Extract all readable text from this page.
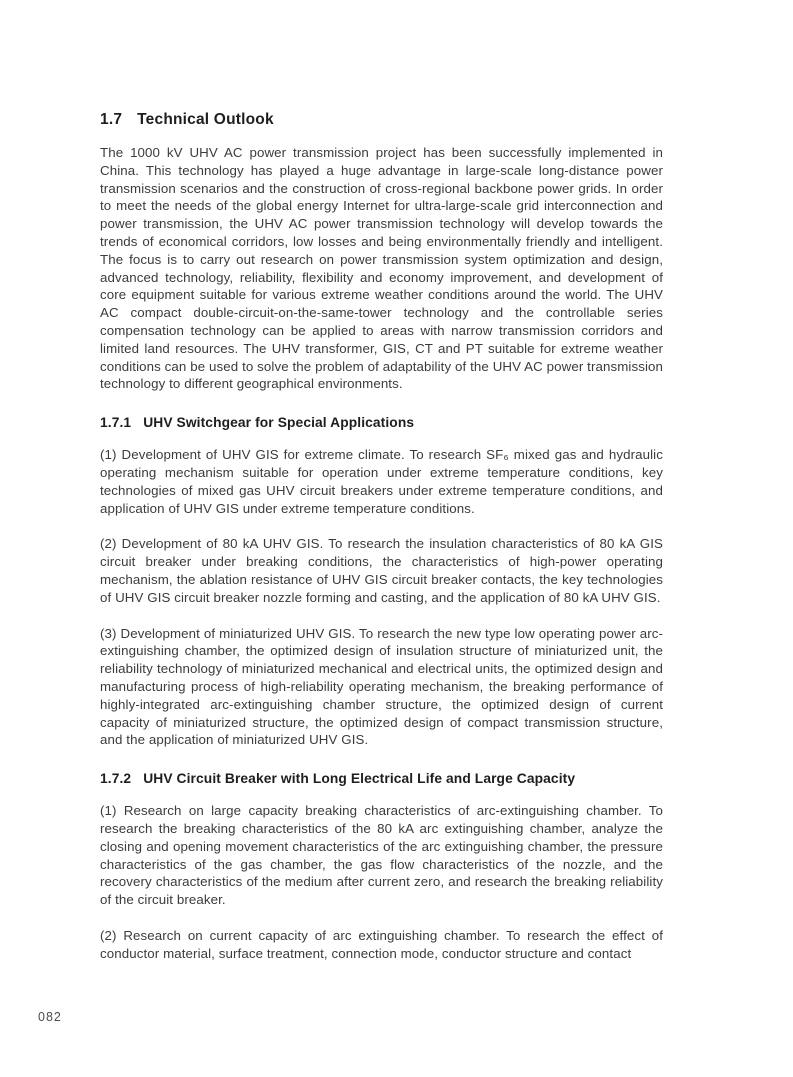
1.7 Technical Outlook

The 1000 kV UHV AC power transmission project has been successfully implemented in China. This technology has played a huge advantage in large-scale long-distance power transmission scenarios and the construction of cross-regional backbone power grids. In order to meet the needs of the global energy Internet for ultra-large-scale grid interconnection and power transmission, the UHV AC power transmission technology will develop towards the trends of economical corridors, low losses and being environmentally friendly and intelligent. The focus is to carry out research on power transmission system optimization and design, advanced technology, reliability, flexibility and economy improvement, and development of core equipment suitable for various extreme weather conditions around the world. The UHV AC compact double-circuit-on-the-same-tower technology and the controllable series compensation technology can be applied to areas with narrow transmission corridors and limited land resources. The UHV transformer, GIS, CT and PT suitable for extreme weather conditions can be used to solve the problem of adaptability of the UHV AC power transmission technology to different geographical environments.

1.7.1 UHV Switchgear for Special Applications

(1) Development of UHV GIS for extreme climate. To research SF₆ mixed gas and hydraulic operating mechanism suitable for operation under extreme temperature conditions, key technologies of mixed gas UHV circuit breakers under extreme temperature conditions, and application of UHV GIS under extreme temperature conditions.

(2) Development of 80 kA UHV GIS. To research the insulation characteristics of 80 kA GIS circuit breaker under breaking conditions, the characteristics of high-power operating mechanism, the ablation resistance of UHV GIS circuit breaker contacts, the key technologies of UHV GIS circuit breaker nozzle forming and casting, and the application of 80 kA UHV GIS.

(3) Development of miniaturized UHV GIS. To research the new type low operating power arc-extinguishing chamber, the optimized design of insulation structure of miniaturized unit, the reliability technology of miniaturized mechanical and electrical units, the optimized design and manufacturing process of high-reliability operating mechanism, the breaking performance of highly-integrated arc-extinguishing chamber structure, the optimized design of current capacity of miniaturized structure, the optimized design of compact transmission structure, and the application of miniaturized UHV GIS.

1.7.2 UHV Circuit Breaker with Long Electrical Life and Large Capacity

(1) Research on large capacity breaking characteristics of arc-extinguishing chamber. To research the breaking characteristics of the 80 kA arc extinguishing chamber, analyze the closing and opening movement characteristics of the arc extinguishing chamber, the pressure characteristics of the gas chamber, the gas flow characteristics of the nozzle, and the recovery characteristics of the medium after current zero, and research the breaking reliability of the circuit breaker.

(2) Research on current capacity of arc extinguishing chamber. To research the effect of conductor material, surface treatment, connection mode, conductor structure and contact

082
